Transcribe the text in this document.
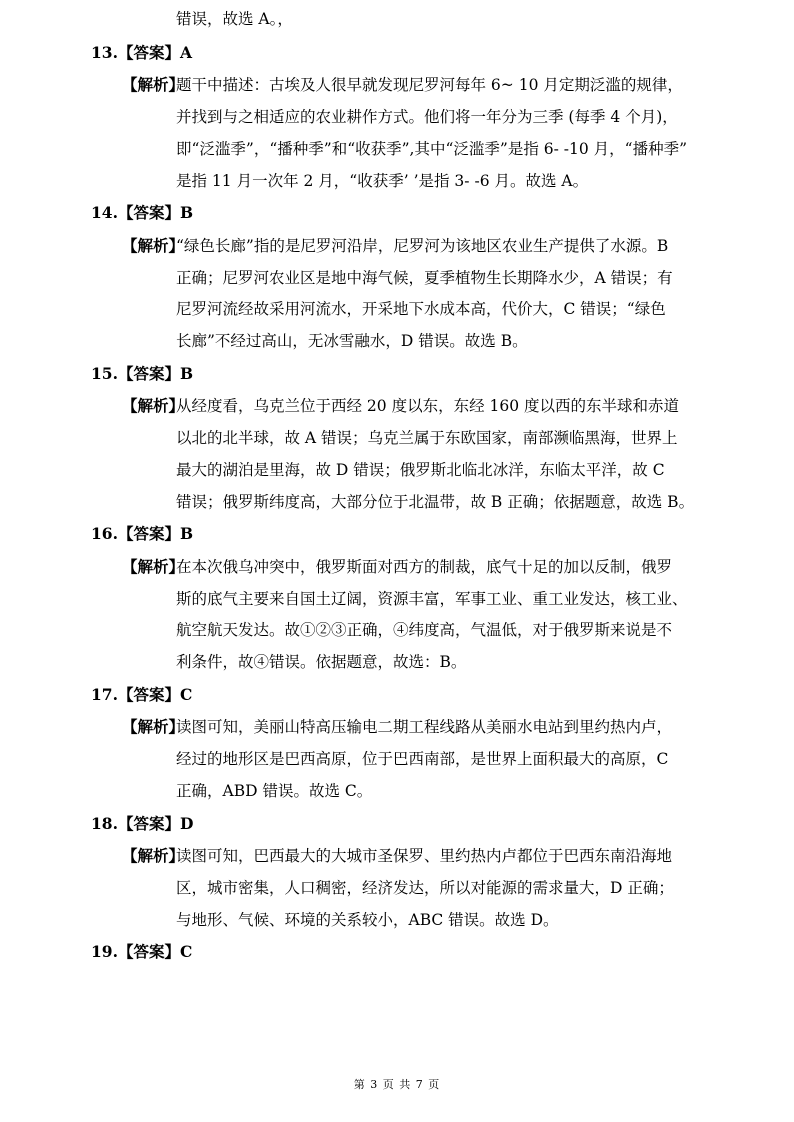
错误，故选 A。，
13.【答案】A
【解析】
题干中描述：古埃及人很早就发现尼罗河每年 6~ 10 月定期泛滥的规律，
并找到与之相适应的农业耕作方式。他们将一年分为三季 (每季 4 个月)，
即“泛滥季”，“播种季”和“收获季”,其中“泛滥季”是指 6- -10 月，“播种季”
是指 11 月一次年 2 月，“收获季’ ’是指 3- -6 月。故选 A。
14.【答案】B
【解析】
“绿色长廊”指的是尼罗河沿岸，尼罗河为该地区农业生产提供了水源。B
正确；尼罗河农业区是地中海气候，夏季植物生长期降水少，A 错误；有
尼罗河流经故采用河流水，开采地下水成本高，代价大，C 错误；“绿色
长廊”不经过高山，无冰雪融水，D 错误。故选 B。
15.【答案】B
【解析】
从经度看，乌克兰位于西经 20 度以东，东经 160 度以西的东半球和赤道
以北的北半球，故 A 错误；乌克兰属于东欧国家，南部濒临黑海，世界上
最大的湖泊是里海，故 D 错误；俄罗斯北临北冰洋，东临太平洋，故 C
错误；俄罗斯纬度高，大部分位于北温带，故 B 正确；依据题意，故选 B。
16.【答案】B
【解析】
在本次俄乌冲突中，俄罗斯面对西方的制裁，底气十足的加以反制，俄罗
斯的底气主要来自国土辽阔，资源丰富，军事工业、重工业发达，核工业、
航空航天发达。故①②③正确，④纬度高，气温低，对于俄罗斯来说是不
利条件，故④错误。依据题意，故选：B。
17.【答案】C
【解析】
读图可知，美丽山特高压输电二期工程线路从美丽水电站到里约热内卢，
经过的地形区是巴西高原，位于巴西南部，是世界上面积最大的高原，C
正确，ABD 错误。故选 C。
18.【答案】D
【解析】
读图可知，巴西最大的大城市圣保罗、里约热内卢都位于巴西东南沿海地
区，城市密集，人口稠密，经济发达，所以对能源的需求量大，D 正确；
与地形、气候、环境的关系较小，ABC 错误。故选 D。
19.【答案】C
第 3 页 共 7 页
